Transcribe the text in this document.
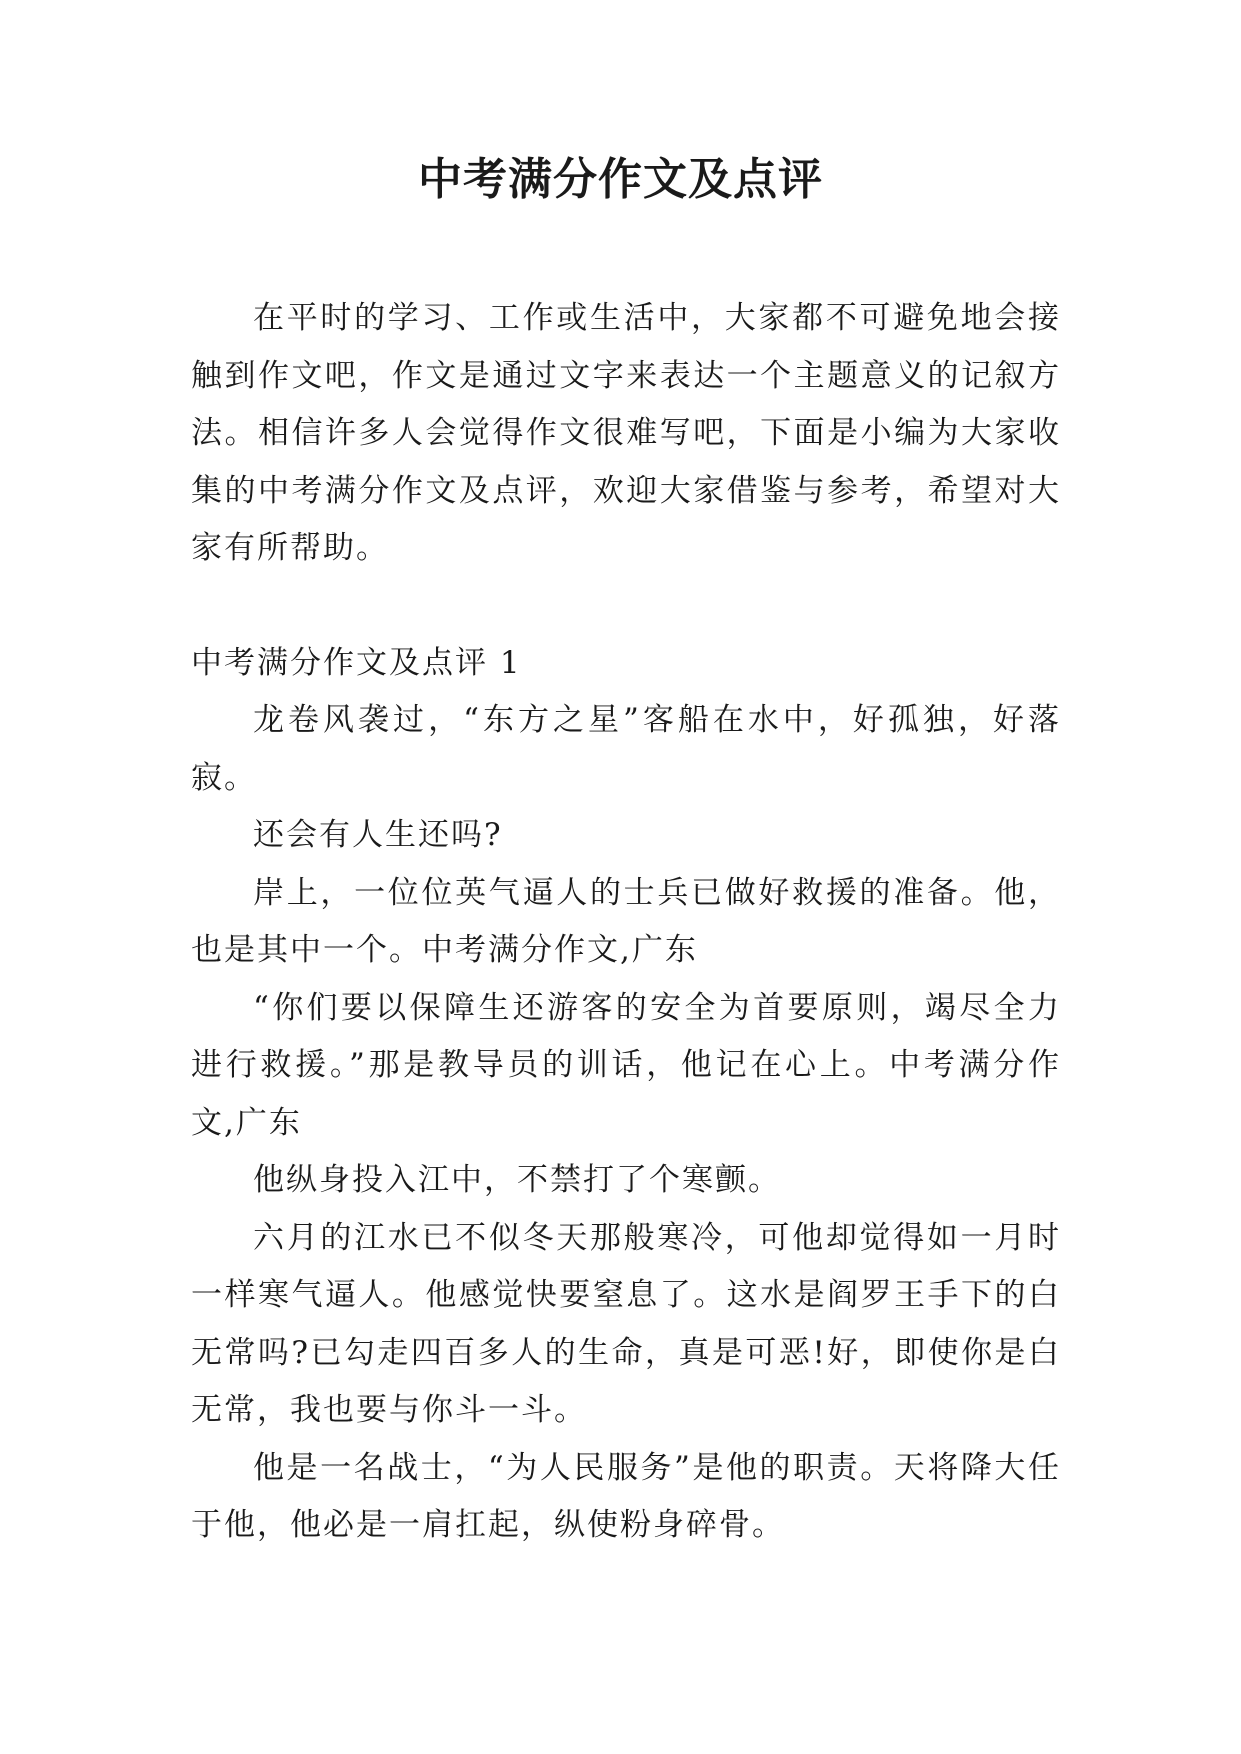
中考满分作文及点评

在平时的学习、工作或生活中，大家都不可避免地会接触到作文吧，作文是通过文字来表达一个主题意义的记叙方法。相信许多人会觉得作文很难写吧，下面是小编为大家收集的中考满分作文及点评，欢迎大家借鉴与参考，希望对大家有所帮助。

中考满分作文及点评 1

龙卷风袭过，“东方之星”客船在水中，好孤独，好落寂。

还会有人生还吗?

岸上，一位位英气逼人的士兵已做好救援的准备。他，也是其中一个。中考满分作文,广东

“你们要以保障生还游客的安全为首要原则，竭尽全力进行救援。”那是教导员的训话，他记在心上。中考满分作文,广东

他纵身投入江中，不禁打了个寒颤。

六月的江水已不似冬天那般寒冷，可他却觉得如一月时一样寒气逼人。他感觉快要窒息了。这水是阎罗王手下的白无常吗?已勾走四百多人的生命，真是可恶!好，即使你是白无常，我也要与你斗一斗。

他是一名战士，“为人民服务”是他的职责。天将降大任于他，他必是一肩扛起，纵使粉身碎骨。
